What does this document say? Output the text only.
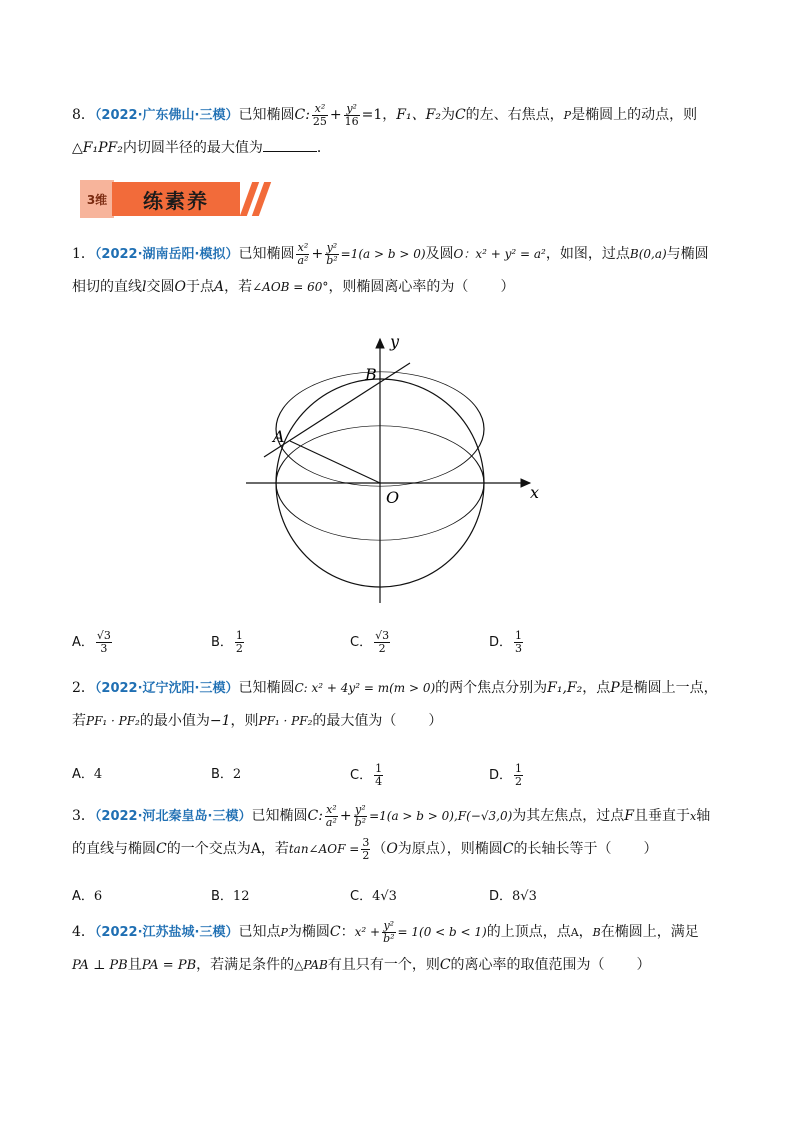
8．（2022·广东佛山·三模）已知椭圆C: $\frac{\text{x²}}{25} + \frac{\text{y²}}{16} =1$，F₁、F₂为C的左、右焦点，P是椭圆上的动点，则
△F₁PF₂内切圆半径的最大值为	．
3维	练素养
1．（2022·湖南岳阳·模拟）已知椭圆 $\frac{\text{x²}}{\text{a²}} + \frac{\text{y²}}{\text{b²}} =1(a > b > 0)$及圆O：x² + y² = a²，如图，过点B(0,a)与椭圆
相切的直线l交圆O于点A，若∠AOB = 60°，则椭圆离心率的为（ ）
y
x
O
A
B
A． $\frac{√3}{3}$	B． $\frac{1}{2}$	C． $\frac{√3}{2}$	D． $\frac{1}{3}$
2．（2022·辽宁沈阳·三模）已知椭圆C: x² + 4y² = m(m > 0)的两个焦点分别为F₁,F₂，点P是椭圆上一点，
若PF₁ · PF₂的最小值为−1，则PF₁ · PF₂的最大值为（ ）
A．4	B．2	C． $\frac{1}{4}$	D． $\frac{1}{2}$
3．（2022·河北秦皇岛·三模）已知椭圆C: $\frac{\text{x²}}{\text{a²}} + \frac{\text{y²}}{\text{b²}} =1(a > b > 0),F(-√3,0)$为其左焦点，过点F且垂直于x轴
的直线与椭圆C的一个交点为A，若tan∠AOF = $\frac{3}{2} (O$为原点），则椭圆C的长轴长等于（ ）
A．6	B．12	C．4√3	D．8√3
4．（2022·江苏盐城·三模）已知点P为椭圆C：$x^2 + \frac{\text{y²}}{\text{b²}} = 1(0 < b < 1)$的上顶点，点A，B在椭圆上，满足
PA ⊥ PB且PA = PB，若满足条件的△PAB有且只有一个，则C的离心率的取值范围为（ ）
